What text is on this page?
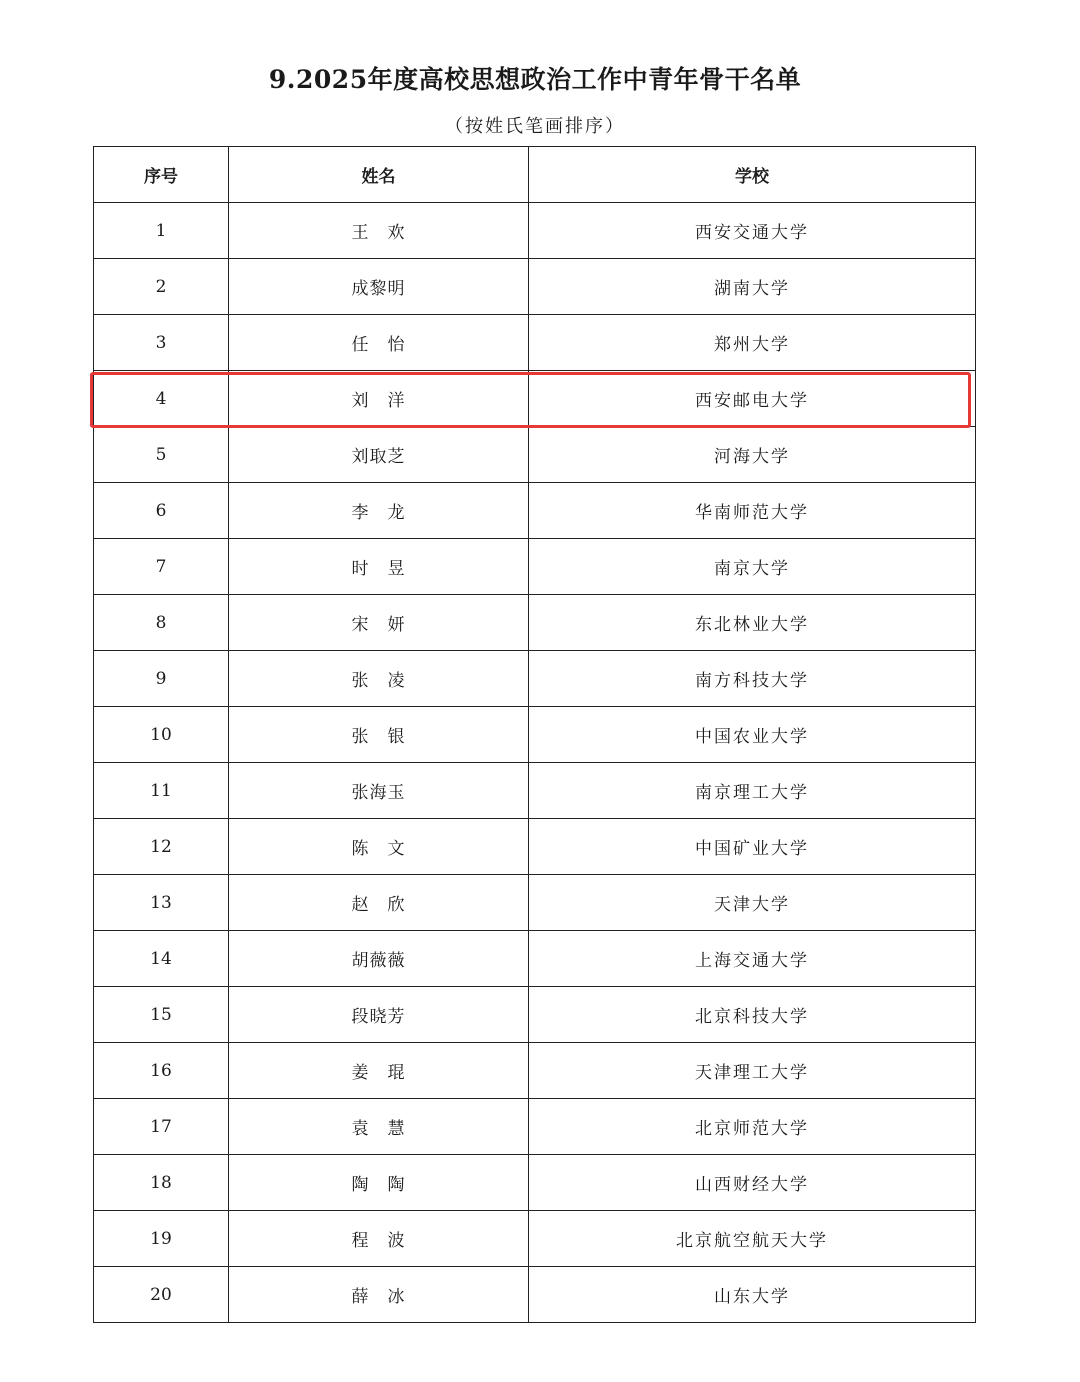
9.2025年度高校思想政治工作中青年骨干名单
（按姓氏笔画排序）
序号	姓名	学校
1	王　欢	西安交通大学
2	成黎明	湖南大学
3	任　怡	郑州大学
4	刘　洋	西安邮电大学
5	刘取芝	河海大学
6	李　龙	华南师范大学
7	时　昱	南京大学
8	宋　妍	东北林业大学
9	张　凌	南方科技大学
10	张　银	中国农业大学
11	张海玉	南京理工大学
12	陈　文	中国矿业大学
13	赵　欣	天津大学
14	胡薇薇	上海交通大学
15	段晓芳	北京科技大学
16	姜　琨	天津理工大学
17	袁　慧	北京师范大学
18	陶　陶	山西财经大学
19	程　波	北京航空航天大学
20	薛　冰	山东大学
